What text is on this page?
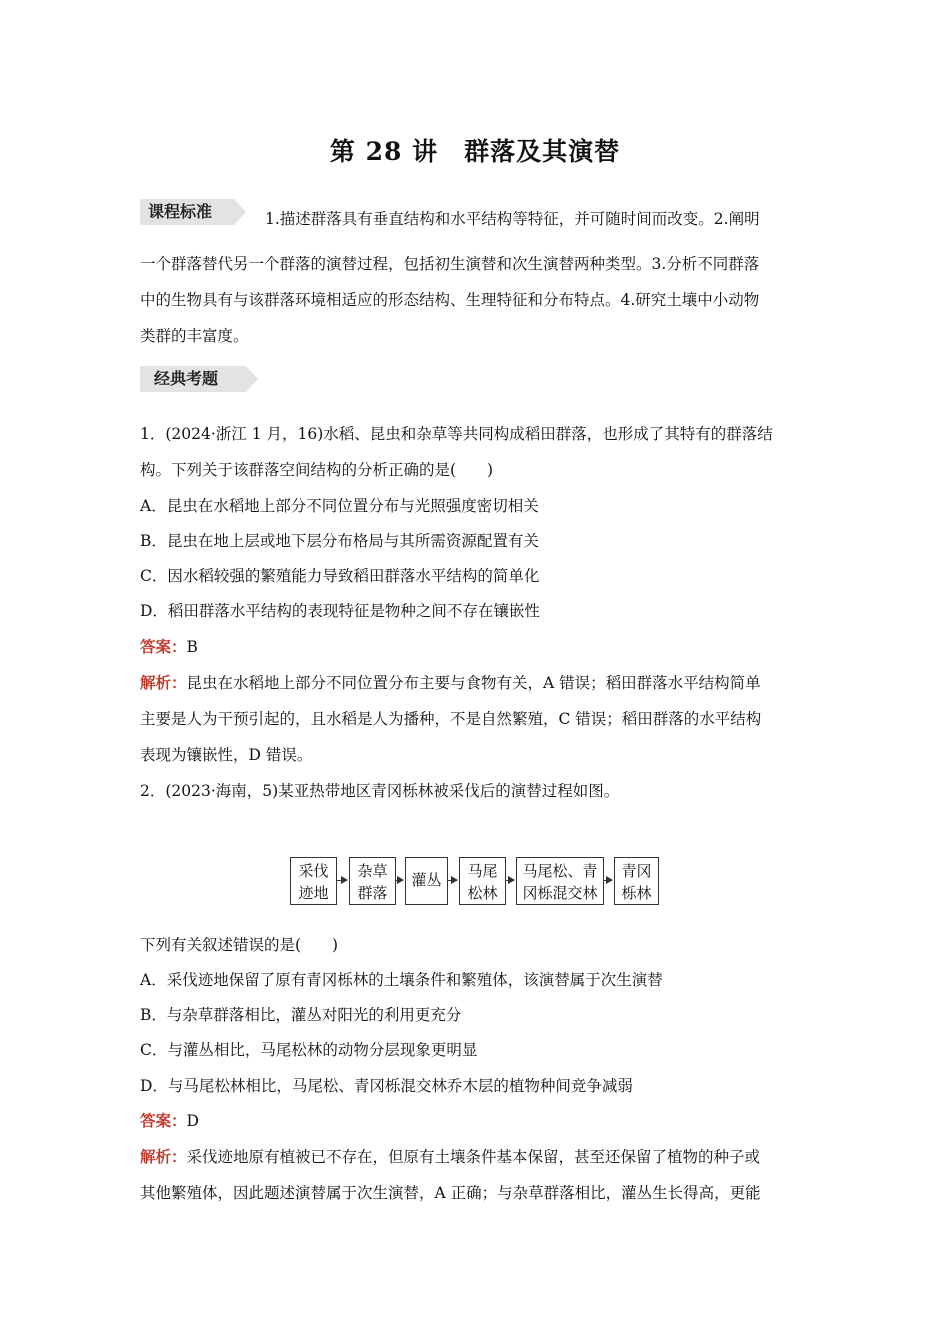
第 28 讲　群落及其演替
课程标准	1.描述群落具有垂直结构和水平结构等特征，并可随时间而改变。2.阐明
一个群落替代另一个群落的演替过程，包括初生演替和次生演替两种类型。3.分析不同群落
中的生物具有与该群落环境相适应的形态结构、生理特征和分布特点。4.研究土壤中小动物
类群的丰富度。
经典考题
1．(2024·浙江 1 月，16)水稻、昆虫和杂草等共同构成稻田群落，也形成了其特有的群落结
构。下列关于该群落空间结构的分析正确的是(　　)
A．昆虫在水稻地上部分不同位置分布与光照强度密切相关
B．昆虫在地上层或地下层分布格局与其所需资源配置有关
C．因水稻较强的繁殖能力导致稻田群落水平结构的简单化
D．稻田群落水平结构的表现特征是物种之间不存在镶嵌性
答案：B
解析：昆虫在水稻地上部分不同位置分布主要与食物有关，A 错误；稻田群落水平结构简单
主要是人为干预引起的，且水稻是人为播种，不是自然繁殖，C 错误；稻田群落的水平结构
表现为镶嵌性，D 错误。
2．(2023·海南，5)某亚热带地区青冈栎林被采伐后的演替过程如图。
采伐
迹地
杂草
群落
灌丛	马尾
松林
马尾松、青
冈栎混交林
青冈
栎林
下列有关叙述错误的是(　　)
A．采伐迹地保留了原有青冈栎林的土壤条件和繁殖体，该演替属于次生演替
B．与杂草群落相比，灌丛对阳光的利用更充分
C．与灌丛相比，马尾松林的动物分层现象更明显
D．与马尾松林相比，马尾松、青冈栎混交林乔木层的植物种间竞争减弱
答案：D
解析：采伐迹地原有植被已不存在，但原有土壤条件基本保留，甚至还保留了植物的种子或
其他繁殖体，因此题述演替属于次生演替，A 正确；与杂草群落相比，灌丛生长得高，更能
